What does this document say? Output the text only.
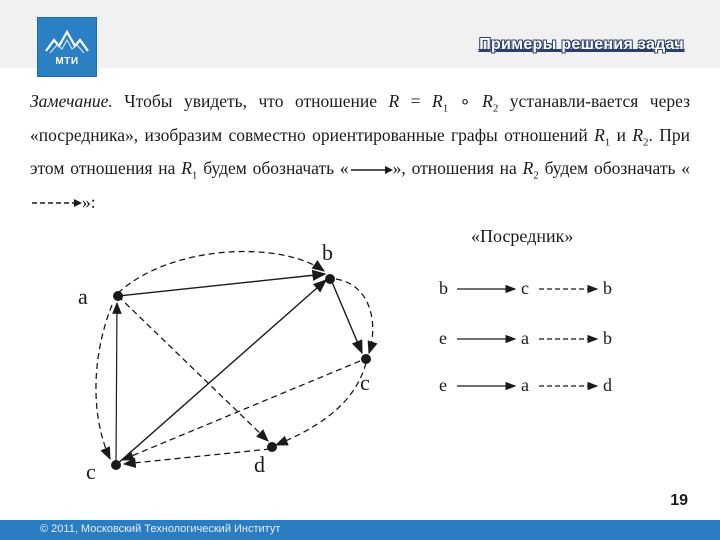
МТИ
Примеры решения задач
Замечание. Чтобы увидеть, что отношение $R = R_1$ ∘ $R_2$ устанавли-вается через «посредника», изобразим совместно ориентированные графы отношений $R_1$ и $R_2$. При этом отношения на $R_1$ будем обозначать «	», отношения на $R_2$ будем обозначать «»:
a
b
c
d
c
«Посредник»
b	c	b
e	a	b
e	a	d
19
© 2011, Московский Технологический Институт
